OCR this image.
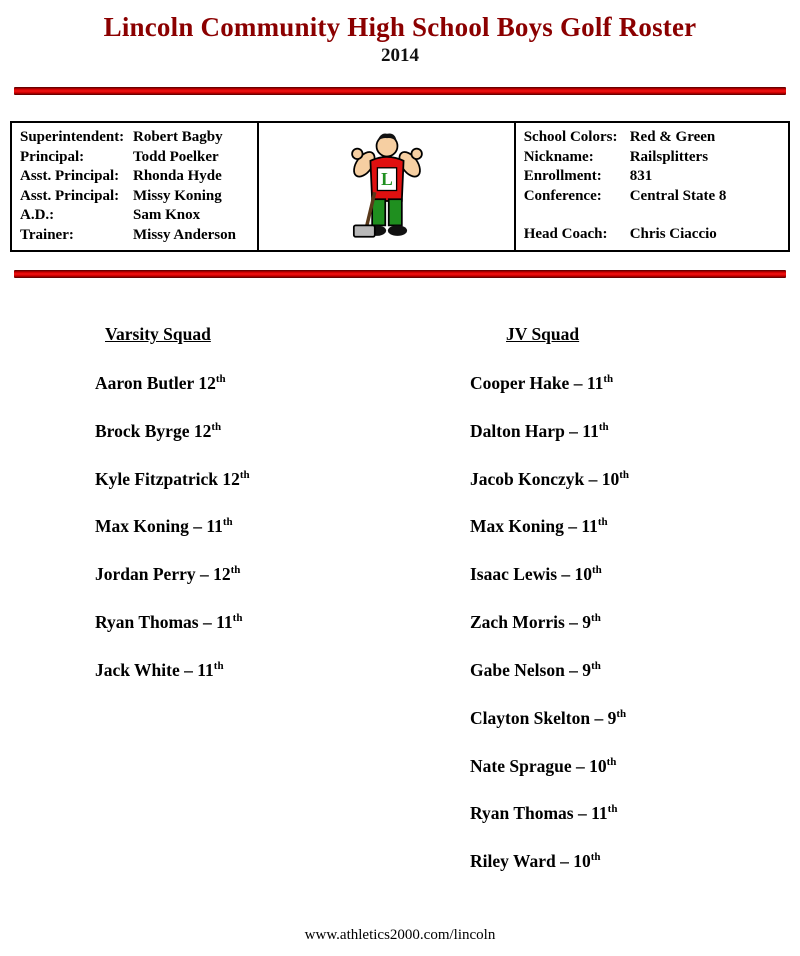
Lincoln Community High School Boys Golf Roster
2014
Superintendent: Robert Bagby
Principal:	Todd Poelker
Asst. Principal: Rhonda Hyde
Asst. Principal: Missy Koning
A.D.:	Sam Knox
Trainer:	Missy Anderson
L
School Colors: Red & Green
Nickname:	Railsplitters
Enrollment:	831
Conference:	Central State 8
Head Coach:	Chris Ciaccio
Varsity Squad
Aaron Butler 12th
Brock Byrge 12th
Kyle Fitzpatrick 12th
Max Koning – 11th
Jordan Perry – 12th
Ryan Thomas – 11th
Jack White – 11th
JV Squad
Cooper Hake – 11th
Dalton Harp – 11th
Jacob Konczyk – 10th
Max Koning – 11th
Isaac Lewis – 10th
Zach Morris – 9th
Gabe Nelson – 9th
Clayton Skelton – 9th
Nate Sprague – 10th
Ryan Thomas – 11th
Riley Ward – 10th
www.athletics2000.com/lincoln
